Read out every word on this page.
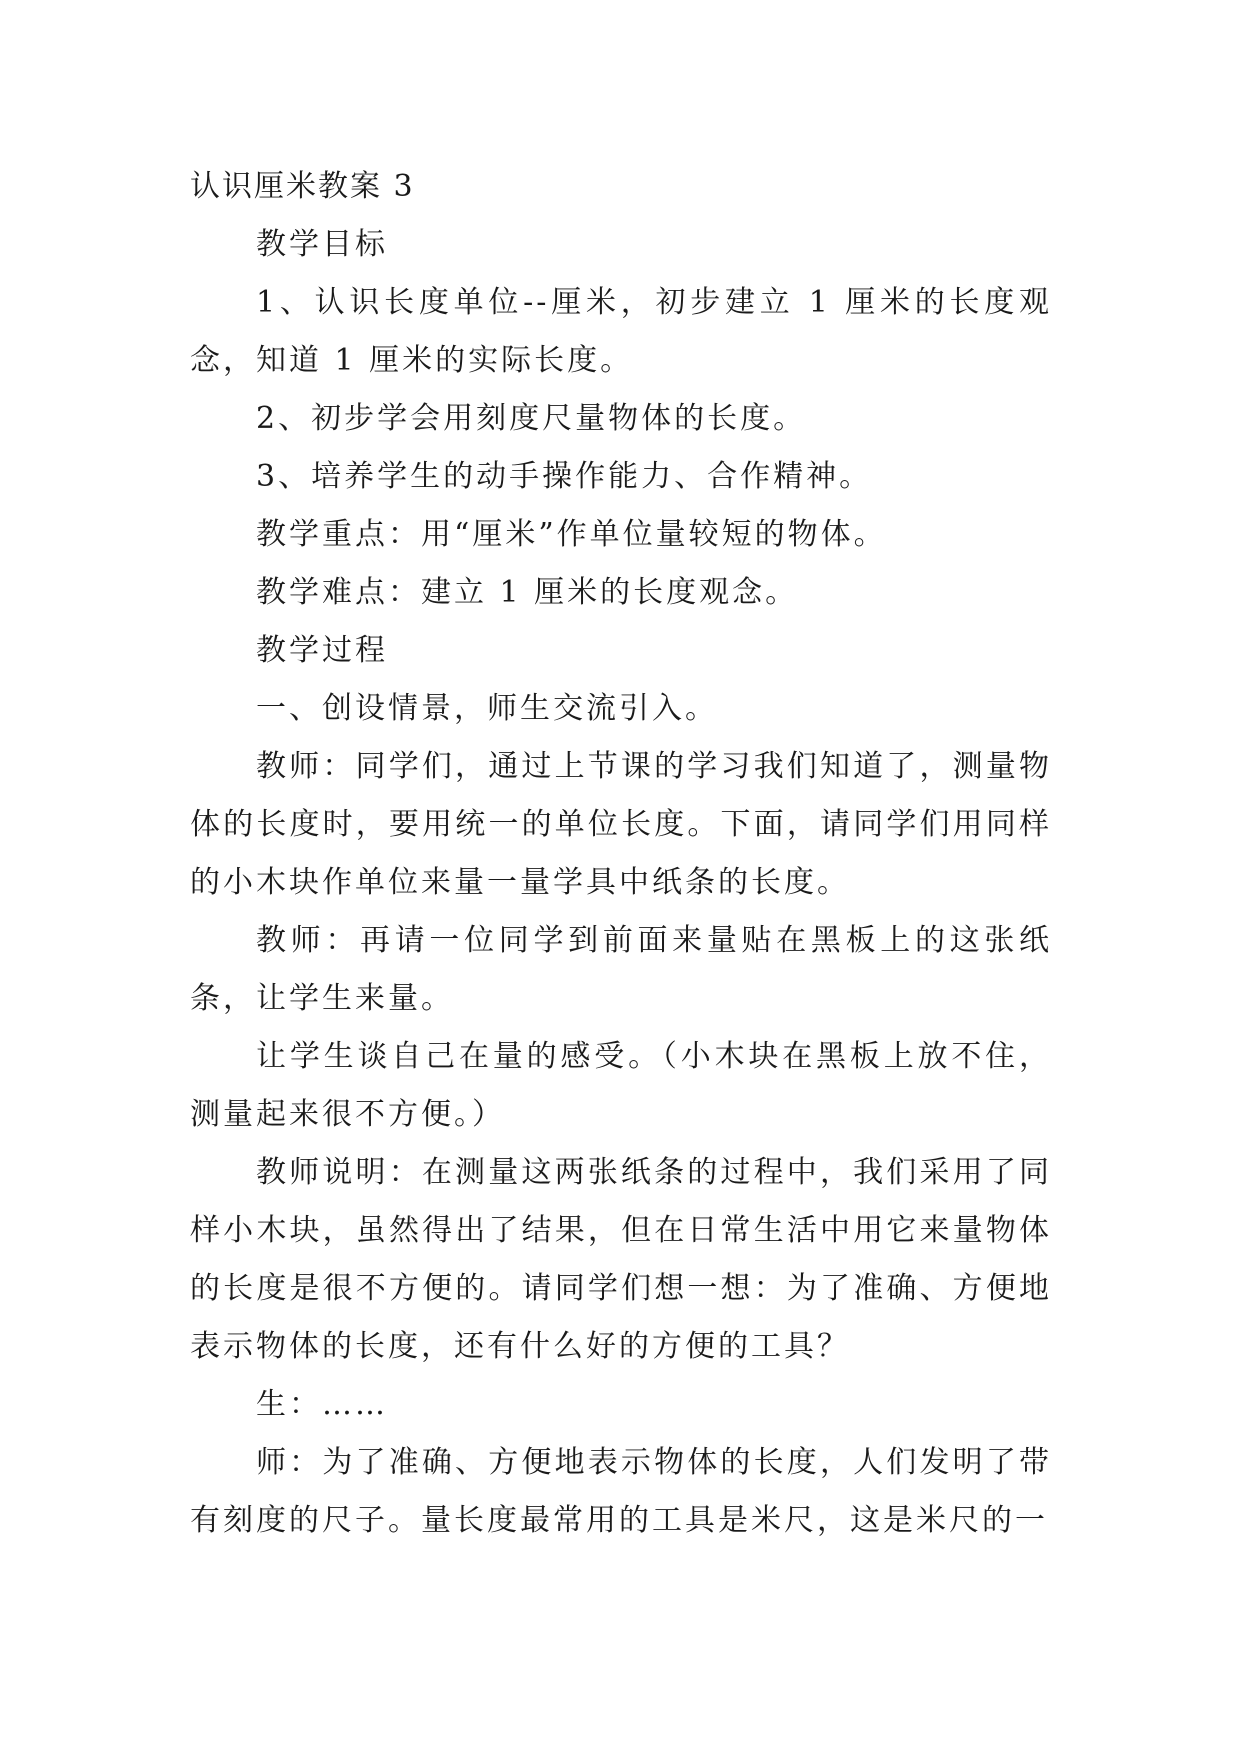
认识厘米教案 3

教学目标

1、认识长度单位--厘米，初步建立 1 厘米的长度观念，知道 1 厘米的实际长度。

2、初步学会用刻度尺量物体的长度。

3、培养学生的动手操作能力、合作精神。

教学重点：用“厘米”作单位量较短的物体。

教学难点：建立 1 厘米的长度观念。

教学过程

一、创设情景，师生交流引入。

教师：同学们，通过上节课的学习我们知道了，测量物体的长度时，要用统一的单位长度。下面，请同学们用同样的小木块作单位来量一量学具中纸条的长度。

教师：再请一位同学到前面来量贴在黑板上的这张纸条，让学生来量。

让学生谈自己在量的感受。（小木块在黑板上放不住，测量起来很不方便。）

教师说明：在测量这两张纸条的过程中，我们采用了同样小木块，虽然得出了结果，但在日常生活中用它来量物体的长度是很不方便的。请同学们想一想：为了准确、方便地表示物体的长度，还有什么好的方便的工具？

生：……

师：为了准确、方便地表示物体的长度，人们发明了带有刻度的尺子。量长度最常用的工具是米尺，这是米尺的一
